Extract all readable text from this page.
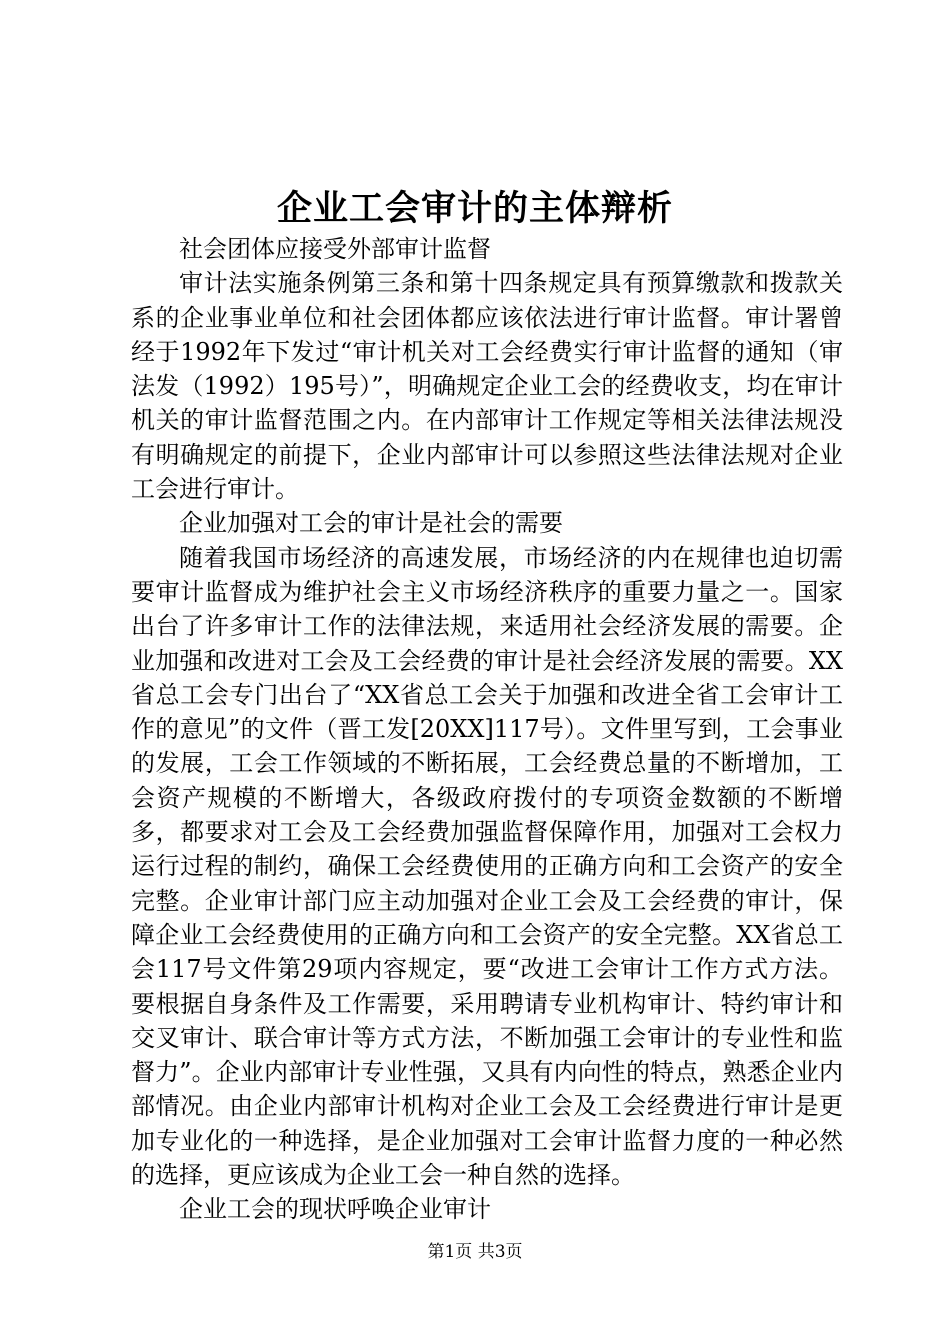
企业工会审计的主体辩析

社会团体应接受外部审计监督

审计法实施条例第三条和第十四条规定具有预算缴款和拨款关系的企业事业单位和社会团体都应该依法进行审计监督。审计署曾经于1992年下发过“审计机关对工会经费实行审计监督的通知（审法发（1992）195号）”，明确规定企业工会的经费收支，均在审计机关的审计监督范围之内。在内部审计工作规定等相关法律法规没有明确规定的前提下，企业内部审计可以参照这些法律法规对企业工会进行审计。

企业加强对工会的审计是社会的需要

随着我国市场经济的高速发展，市场经济的内在规律也迫切需要审计监督成为维护社会主义市场经济秩序的重要力量之一。国家出台了许多审计工作的法律法规，来适用社会经济发展的需要。企业加强和改进对工会及工会经费的审计是社会经济发展的需要。XX省总工会专门出台了“XX省总工会关于加强和改进全省工会审计工作的意见”的文件（晋工发[20XX]117号）。文件里写到，工会事业的发展，工会工作领域的不断拓展，工会经费总量的不断增加，工会资产规模的不断增大，各级政府拨付的专项资金数额的不断增多，都要求对工会及工会经费加强监督保障作用，加强对工会权力运行过程的制约，确保工会经费使用的正确方向和工会资产的安全完整。企业审计部门应主动加强对企业工会及工会经费的审计，保障企业工会经费使用的正确方向和工会资产的安全完整。XX省总工会117号文件第29项内容规定，要“改进工会审计工作方式方法。要根据自身条件及工作需要，采用聘请专业机构审计、特约审计和交叉审计、联合审计等方式方法，不断加强工会审计的专业性和监督力”。企业内部审计专业性强，又具有内向性的特点，熟悉企业内部情况。由企业内部审计机构对企业工会及工会经费进行审计是更加专业化的一种选择，是企业加强对工会审计监督力度的一种必然的选择，更应该成为企业工会一种自然的选择。

企业工会的现状呼唤企业审计

第1页 共3页
